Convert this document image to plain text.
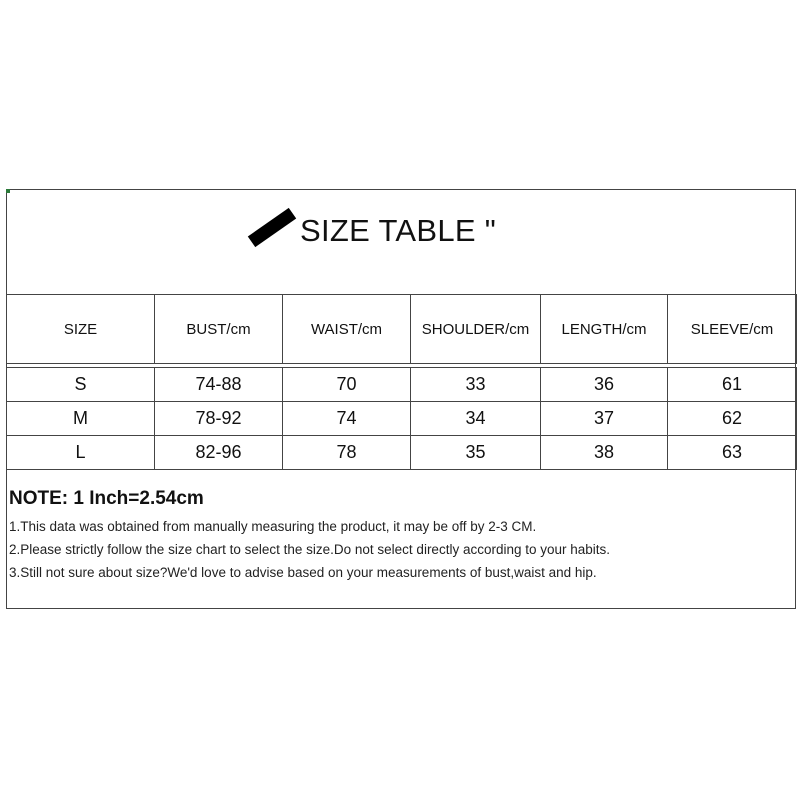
SIZE TABLE "
SIZE	BUST/cm	WAIST/cm	SHOULDER/cm	LENGTH/cm	SLEEVE/cm

S	74-88	70	33	36	61
M	78-92	74	34	37	62
L	82-96	78	35	38	63
NOTE: 1 Inch=2.54cm
1.This data was obtained from manually measuring the product, it may be off by 2-3 CM.
2.Please strictly follow the size chart to select the size.Do not select directly according to your habits.
3.Still not sure about size?We'd love to advise based on your measurements of bust,waist and hip.
